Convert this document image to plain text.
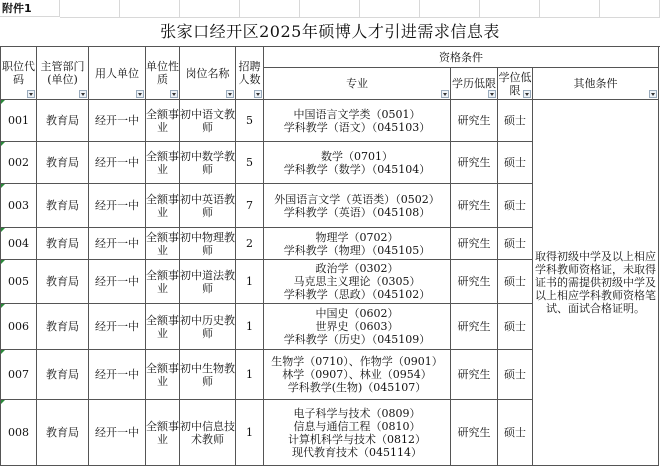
附件1
张家口经开区2025年硕博人才引进需求信息表
职位代码	主管部门(单位)	用人单位	单位性质	岗位名称	招聘人数	资格条件			
						专业	学历低限	学位低限	其他条件

001	教育局	经开一中	全额事业	初中语文教师	5	中国语言文学类（0501）
学科教学（语文）（045103）	研究生	硕士	取得初级中学及以上相应学科教师资格证，未取得证书的需提供初级中学及以上相应学科教师资格笔试、面试合格证明。
002	教育局	经开一中	全额事业	初中数学教师	5	数学（0701）
学科教学（数学）（045104）	研究生	硕士	
003	教育局	经开一中	全额事业	初中英语教师	7	外国语言文学（英语类）（0502）
学科教学（英语）（045108）	研究生	硕士	
004	教育局	经开一中	全额事业	初中物理教师	2	物理学（0702）
学科教学（物理）（045105）	研究生	硕士	
005	教育局	经开一中	全额事业	初中道法教师	1	政治学（0302）
马克思主义理论（0305）
学科教学（思政）（045102）	研究生	硕士	
006	教育局	经开一中	全额事业	初中历史教师	1	中国史（0602）
世界史（0603）
学科教学（历史）（045109）	研究生	硕士	
007	教育局	经开一中	全额事业	初中生物教师	1	生物学（0710）、作物学（0901）
林学（0907）、林业（0954）
学科教学(生物)（045107）	研究生	硕士	
008	教育局	经开一中	全额事业	初中信息技术教师	1	电子科学与技术（0809）
信息与通信工程（0810）
计算机科学与技术（0812）
现代教育技术（045114）	研究生	硕士	
